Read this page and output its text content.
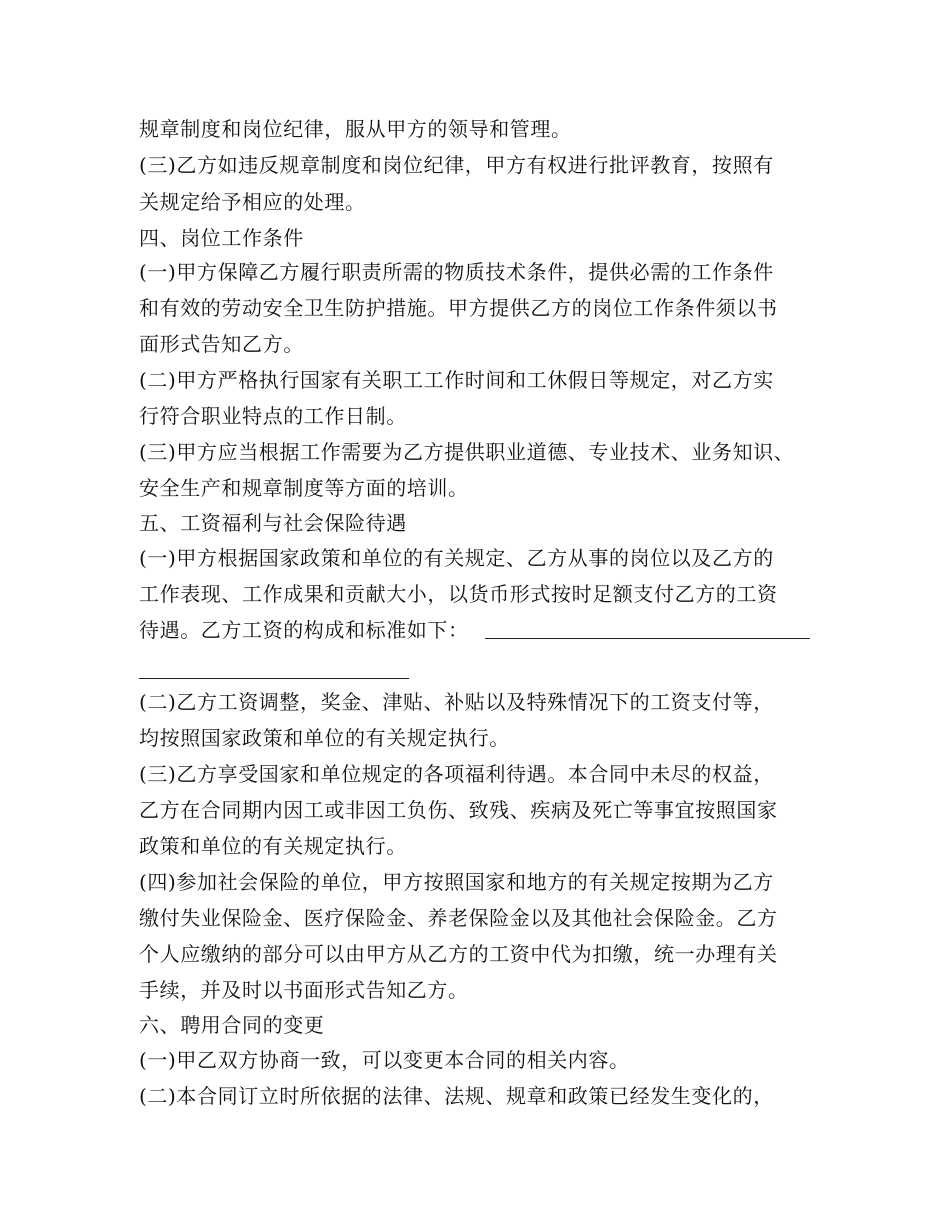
规章制度和岗位纪律，服从甲方的领导和管理。
(三)乙方如违反规章制度和岗位纪律，甲方有权进行批评教育，按照有
关规定给予相应的处理。
四、岗位工作条件
(一)甲方保障乙方履行职责所需的物质技术条件，提供必需的工作条件
和有效的劳动安全卫生防护措施。甲方提供乙方的岗位工作条件须以书
面形式告知乙方。
(二)甲方严格执行国家有关职工工作时间和工休假日等规定，对乙方实
行符合职业特点的工作日制。
(三)甲方应当根据工作需要为乙方提供职业道德、专业技术、业务知识、
安全生产和规章制度等方面的培训。
五、工资福利与社会保险待遇
(一)甲方根据国家政策和单位的有关规定、乙方从事的岗位以及乙方的
工作表现、工作成果和贡献大小，以货币形式按时足额支付乙方的工资
待遇。乙方工资的构成和标准如下：
(二)乙方工资调整，奖金、津贴、补贴以及特殊情况下的工资支付等，
均按照国家政策和单位的有关规定执行。
(三)乙方享受国家和单位规定的各项福利待遇。本合同中未尽的权益，
乙方在合同期内因工或非因工负伤、致残、疾病及死亡等事宜按照国家
政策和单位的有关规定执行。
(四)参加社会保险的单位，甲方按照国家和地方的有关规定按期为乙方
缴付失业保险金、医疗保险金、养老保险金以及其他社会保险金。乙方
个人应缴纳的部分可以由甲方从乙方的工资中代为扣缴，统一办理有关
手续，并及时以书面形式告知乙方。
六、聘用合同的变更
(一)甲乙双方协商一致，可以变更本合同的相关内容。
(二)本合同订立时所依据的法律、法规、规章和政策已经发生变化的，
